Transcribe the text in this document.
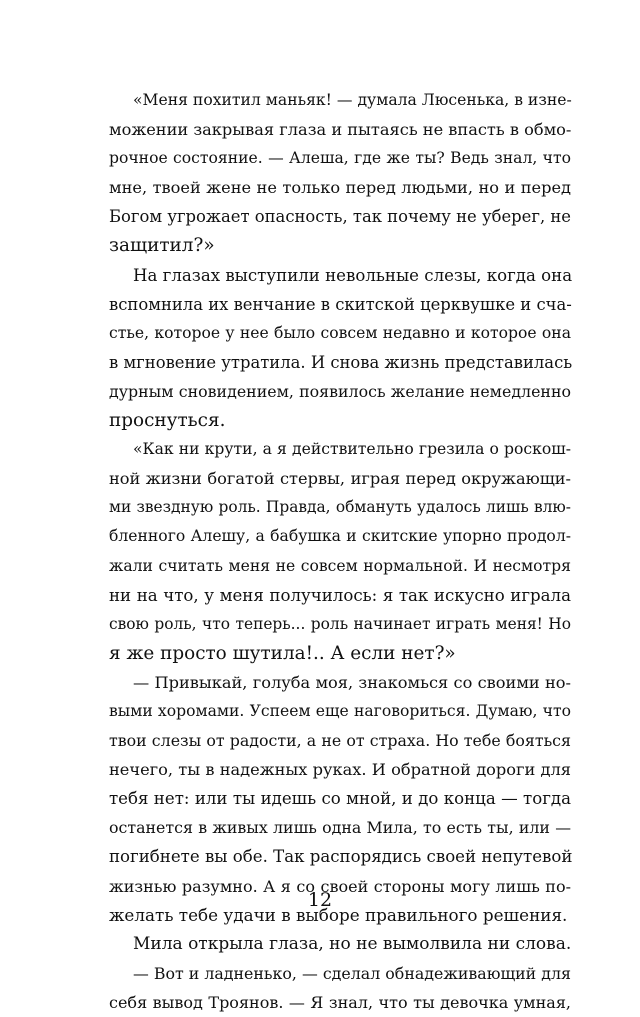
«Меня похитил маньяк! — думала Люсенька, в изне-
можении закрывая глаза и пытаясь не впасть в обмо-
рочное состояние. — Алеша, где же ты? Ведь знал, что
мне, твоей жене не только перед людьми, но и перед
Богом угрожает опасность, так почему не уберег, не
защитил?»
На глазах выступили невольные слезы, когда она
вспомнила их венчание в скитской церквушке и сча-
стье, которое у нее было совсем недавно и которое она
в мгновение утратила. И снова жизнь представилась
дурным сновидением, появилось желание немедленно
проснуться.
«Как ни крути, а я действительно грезила о роскош-
ной жизни богатой стервы, играя перед окружающи-
ми звездную роль. Правда, обмануть удалось лишь влю-
бленного Алешу, а бабушка и скитские упорно продол-
жали считать меня не совсем нормальной. И несмотря
ни на что, у меня получилось: я так искусно играла
свою роль, что теперь... роль начинает играть меня! Но
я же просто шутила!.. А если нет?»
— Привыкай, голуба моя, знакомься со своими но-
выми хоромами. Успеем еще наговориться. Думаю, что
твои слезы от радости, а не от страха. Но тебе бояться
нечего, ты в надежных руках. И обратной дороги для
тебя нет: или ты идешь со мной, и до конца — тогда
останется в живых лишь одна Мила, то есть ты, или —
погибнете вы обе. Так распорядись своей непутевой
жизнью разумно. А я со своей стороны могу лишь по-
желать тебе удачи в выборе правильного решения.
Мила открыла глаза, но не вымолвила ни слова.
— Вот и ладненько, — сделал обнадеживающий для
себя вывод Троянов. — Я знал, что ты девочка умная,
12
